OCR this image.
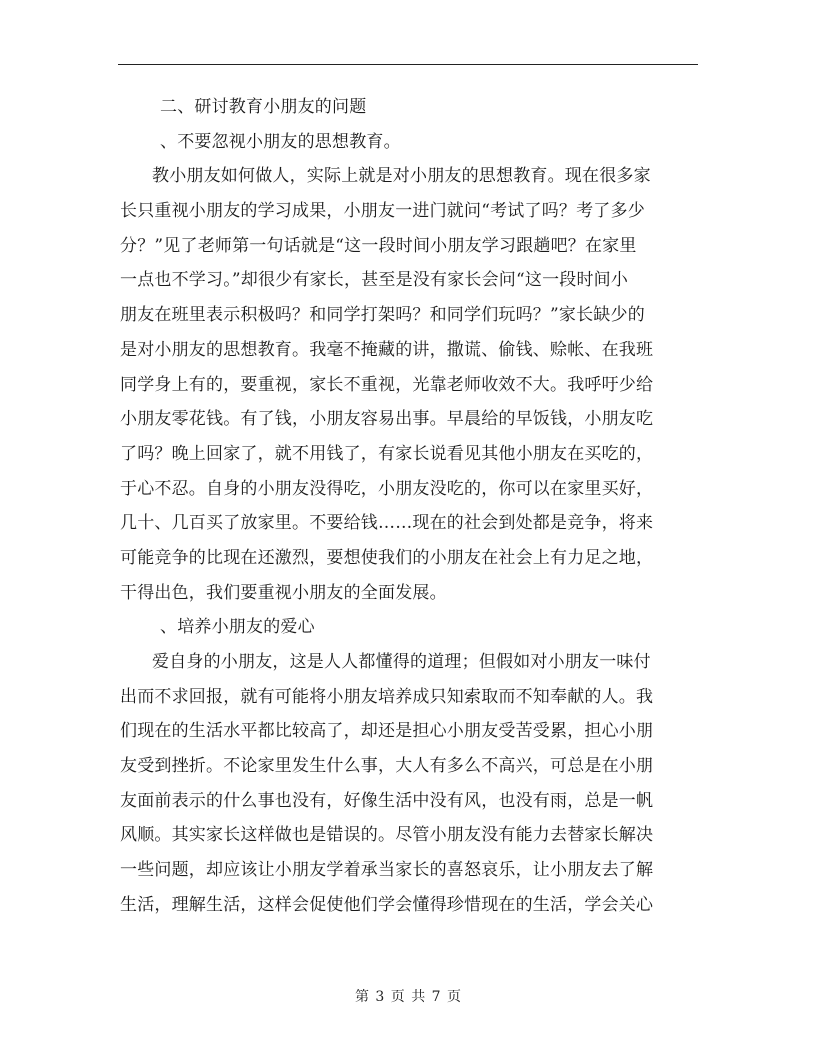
二、研讨教育小朋友的问题
、不要忽视小朋友的思想教育。
教小朋友如何做人，实际上就是对小朋友的思想教育。现在很多家
长只重视小朋友的学习成果，小朋友一进门就问“考试了吗？考了多少
分？”见了老师第一句话就是“这一段时间小朋友学习跟趟吧？在家里
一点也不学习。”却很少有家长，甚至是没有家长会问“这一段时间小
朋友在班里表示积极吗？和同学打架吗？和同学们玩吗？”家长缺少的
是对小朋友的思想教育。我毫不掩藏的讲，撒谎、偷钱、赊帐、在我班
同学身上有的，要重视，家长不重视，光靠老师收效不大。我呼吁少给
小朋友零花钱。有了钱，小朋友容易出事。早晨给的早饭钱，小朋友吃
了吗？晚上回家了，就不用钱了，有家长说看见其他小朋友在买吃的，
于心不忍。自身的小朋友没得吃，小朋友没吃的，你可以在家里买好，
几十、几百买了放家里。不要给钱……现在的社会到处都是竞争，将来
可能竞争的比现在还激烈，要想使我们的小朋友在社会上有力足之地，
干得出色，我们要重视小朋友的全面发展。
、培养小朋友的爱心
爱自身的小朋友，这是人人都懂得的道理；但假如对小朋友一味付
出而不求回报，就有可能将小朋友培养成只知索取而不知奉献的人。我
们现在的生活水平都比较高了，却还是担心小朋友受苦受累，担心小朋
友受到挫折。不论家里发生什么事，大人有多么不高兴，可总是在小朋
友面前表示的什么事也没有，好像生活中没有风，也没有雨，总是一帆
风顺。其实家长这样做也是错误的。尽管小朋友没有能力去替家长解决
一些问题，却应该让小朋友学着承当家长的喜怒哀乐，让小朋友去了解
生活，理解生活，这样会促使他们学会懂得珍惜现在的生活，学会关心
第 3 页 共 7 页
